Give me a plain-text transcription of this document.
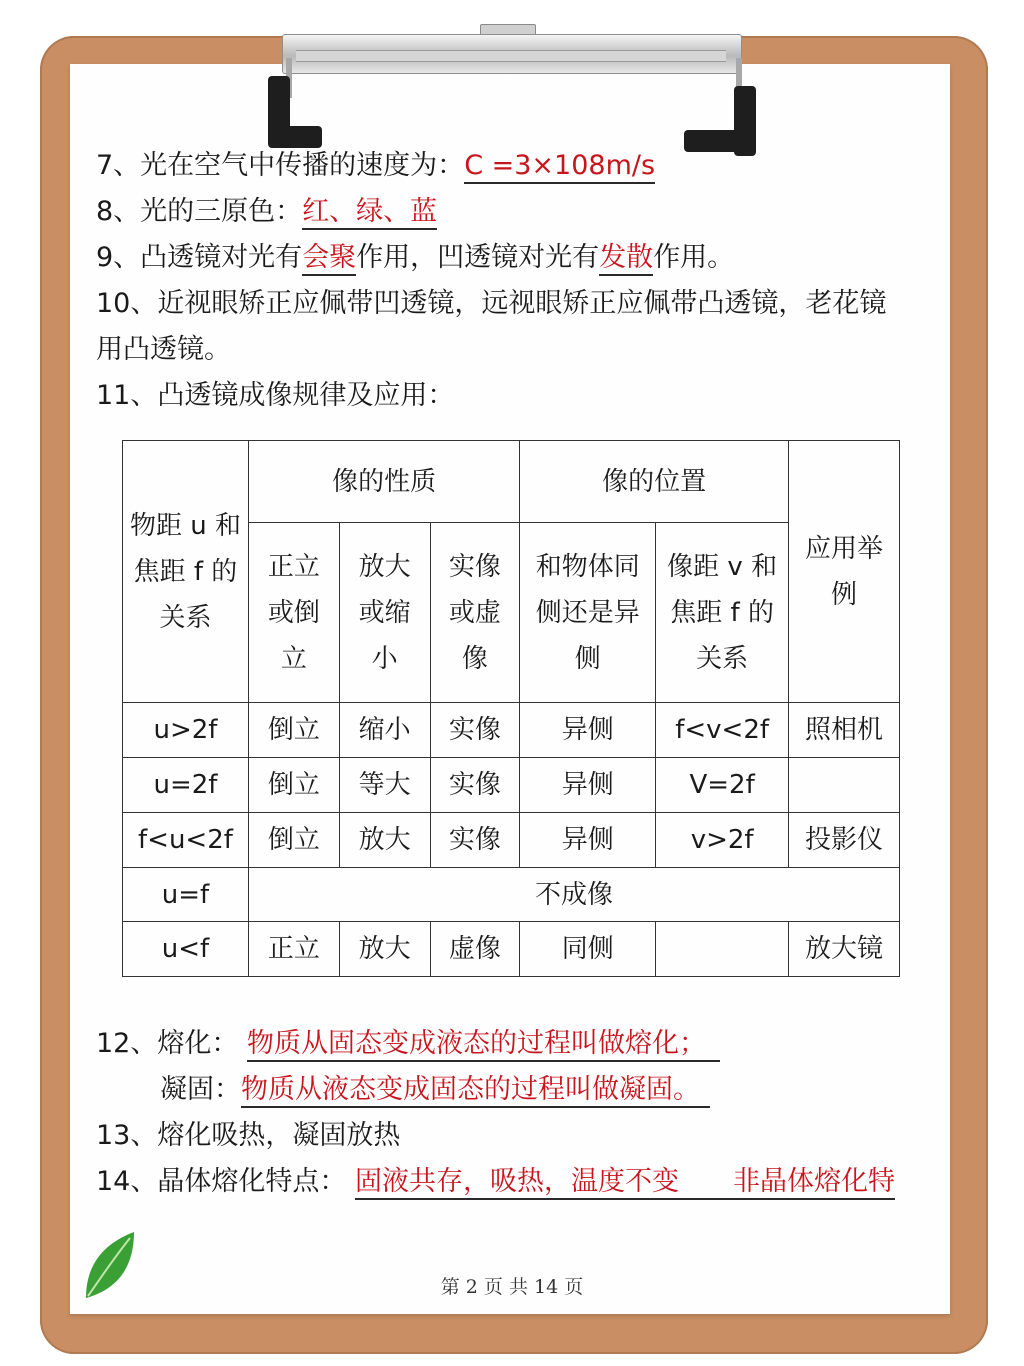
7、光在空气中传播的速度为：C =3×108m/s
8、光的三原色：红、绿、蓝
9、凸透镜对光有会聚作用，凹透镜对光有发散作用。
10、近视眼矫正应佩带凹透镜，远视眼矫正应佩带凸透镜，老花镜
用凸透镜。
11、凸透镜成像规律及应用：
物距 u 和焦距 f 的关系	像的性质			像的位置		应用举例

	正立或倒立	放大或缩小	实像或虚像	和物体同侧还是异侧	像距 v 和焦距 f 的关系	

u>2f	倒立	缩小	实像	异侧	f<v<2f	照相机
u=2f	倒立	等大	实像	异侧	V=2f	
f<u<2f	倒立	放大	实像	异侧	v>2f	投影仪
u=f	不成像					
u<f	正立	放大	虚像	同侧		放大镜
12、熔化： 物质从固态变成液态的过程叫做熔化；
凝固：物质从液态变成固态的过程叫做凝固。
13、熔化吸热，凝固放热
14、晶体熔化特点： 固液共存，吸热，温度不变　　非晶体熔化特
第 2 页 共 14 页
